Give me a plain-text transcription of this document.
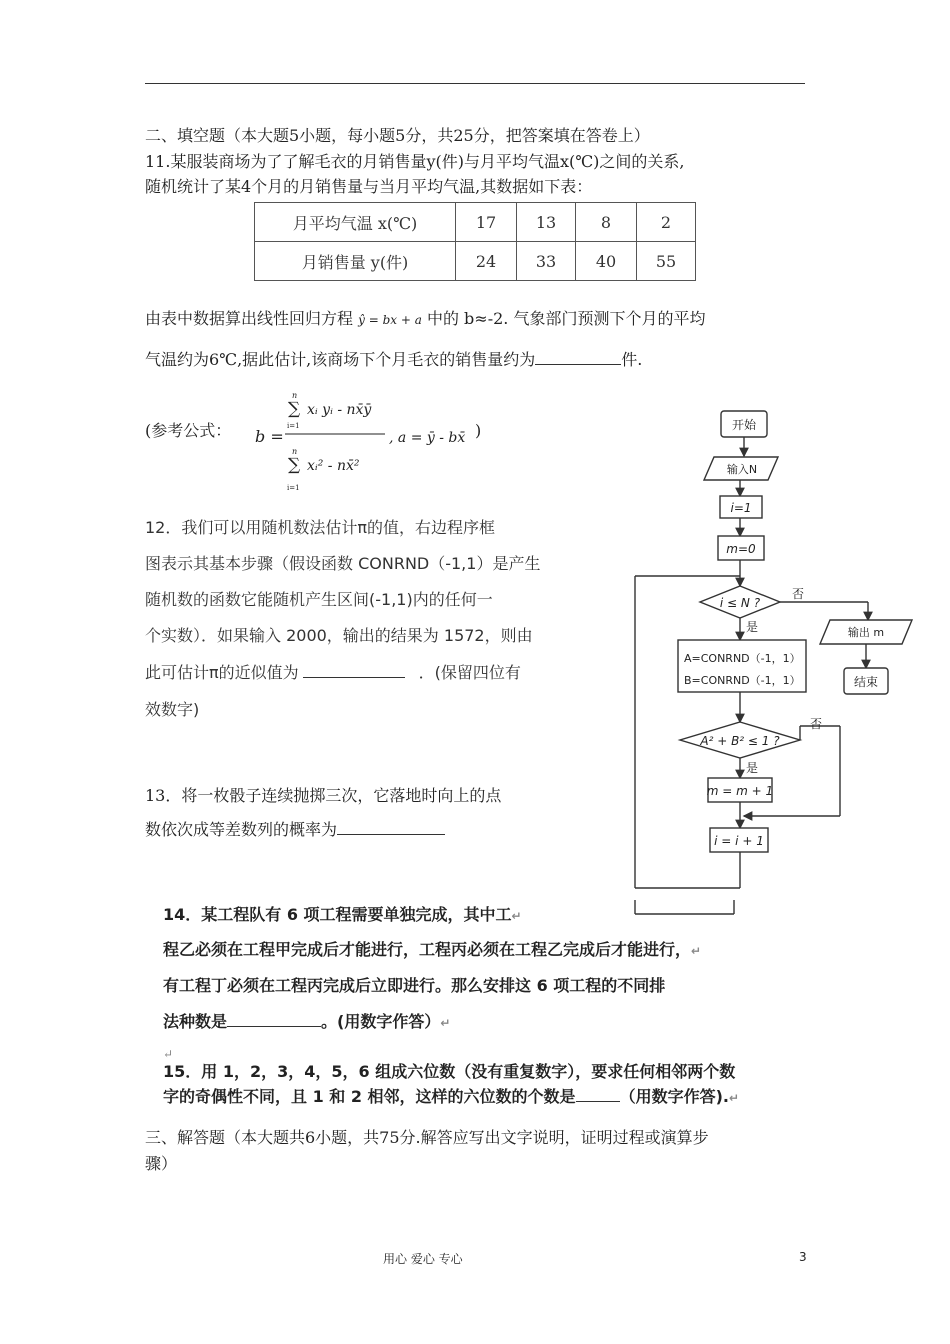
二、填空题（本大题5小题，每小题5分，共25分，把答案填在答卷上）
11.某服装商场为了了解毛衣的月销售量y(件)与月平均气温x(℃)之间的关系,
随机统计了某4个月的月销售量与当月平均气温,其数据如下表：
月平均气温 x(℃)	17	13	8	2
月销售量 y(件)	24	33	40	55
由表中数据算出线性回归方程 ŷ = bx + a 中的 b≈-2. 气象部门预测下个月的平均
气温约为6℃,据此估计,该商场下个月毛衣的销售量约为	件.
(参考公式： b =
∑
n
i=1
xᵢ yᵢ - nx̄ȳ
∑
n
i=1
xᵢ² - nx̄²
, a = ȳ - bx̄ )
12．我们可以用随机数法估计π的值，右边程序框
图表示其基本步骤（假设函数 CONRND（-1,1）是产生
随机数的函数它能随机产生区间(-1,1)内的任何一
个实数）．如果输入 2000，输出的结果为 1572，则由
此可估计π的近似值为	．(保留四位有
效数字)
13．将一枚骰子连续抛掷三次，它落地时向上的点
数依次成等差数列的概率为
14．某工程队有 6 项工程需要单独完成，其中工↵
程乙必须在工程甲完成后才能进行，工程丙必须在工程乙完成后才能进行，↵
有工程丁必须在工程丙完成后立即进行。那么安排这 6 项工程的不同排
法种数是	。(用数字作答）↵
↵
15．用 1，2，3，4，5，6 组成六位数（没有重复数字），要求任何相邻两个数
字的奇偶性不同，且 1 和 2 相邻，这样的六位数的个数是	（用数字作答).↵
三、解答题（本大题共6小题，共75分.解答应写出文字说明，证明过程或演算步
骤）
开始
输入N
i=1
m=0
i ≤ N ?
否
是	输出 m
结束
A=CONRND（-1，1）
B=CONRND（-1，1）
A² + B² ≤ 1 ?
否
是
m = m + 1
i = i + 1
用心 爱心 专心	3
